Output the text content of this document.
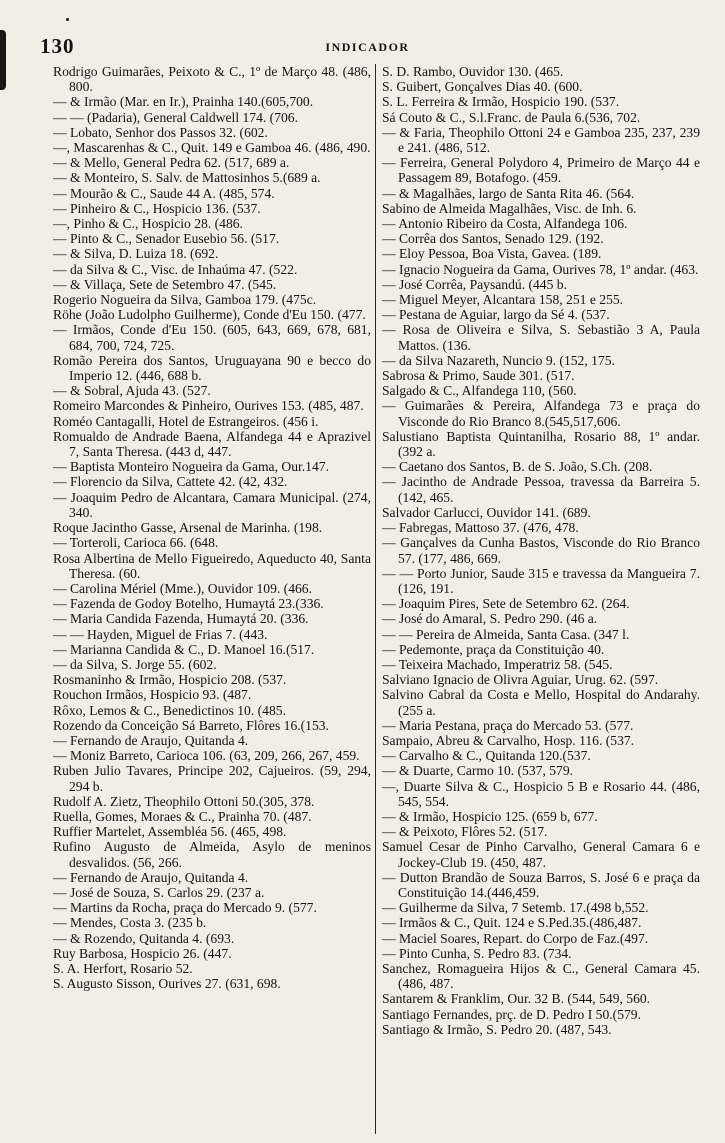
130	INDICADOR
Rodrigo Guimarães, Peixoto & C., 1º de Março 48. (486, 800.
— & Irmão (Mar. en Ir.), Prainha 140.(605,700.
— — (Padaria), General Caldwell 174. (706.
— Lobato, Senhor dos Passos 32. (602.
—, Mascarenhas & C., Quit. 149 e Gamboa 46. (486, 490.
— & Mello, General Pedra 62. (517, 689 a.
— & Monteiro, S. Salv. de Mattosinhos 5.(689 a.
— Mourão & C., Saude 44 A. (485, 574.
— Pinheiro & C., Hospicio 136. (537.
—, Pinho & C., Hospicio 28. (486.
— Pinto & C., Senador Eusebio 56. (517.
— & Silva, D. Luiza 18. (692.
— da Silva & C., Visc. de Inhaúma 47. (522.
— & Villaça, Sete de Setembro 47. (545.
Rogerio Nogueira da Silva, Gamboa 179. (475c.
Röhe (João Ludolpho Guilherme), Conde d'Eu 150. (477.
— Irmãos, Conde d'Eu 150. (605, 643, 669, 678, 681, 684, 700, 724, 725.
Romão Pereira dos Santos, Uruguayana 90 e becco do Imperio 12. (446, 688 b.
— & Sobral, Ajuda 43. (527.
Romeiro Marcondes & Pinheiro, Ourives 153. (485, 487.
Roméo Cantagalli, Hotel de Estrangeiros. (456 i.
Romualdo de Andrade Baena, Alfandega 44 e Aprazivel 7, Santa Theresa. (443 d, 447.
— Baptista Monteiro Nogueira da Gama, Our.147.
— Florencio da Silva, Cattete 42. (42, 432.
— Joaquim Pedro de Alcantara, Camara Municipal. (274, 340.
Roque Jacintho Gasse, Arsenal de Marinha. (198.
— Torteroli, Carioca 66. (648.
Rosa Albertina de Mello Figueiredo, Aqueducto 40, Santa Theresa. (60.
— Carolina Mériel (Mme.), Ouvidor 109. (466.
— Fazenda de Godoy Botelho, Humaytá 23.(336.
— Maria Candida Fazenda, Humaytá 20. (336.
— — Hayden, Miguel de Frias 7. (443.
— Marianna Candida & C., D. Manoel 16.(517.
— da Silva, S. Jorge 55. (602.
Rosmaninho & Irmão, Hospicio 208. (537.
Rouchon Irmãos, Hospicio 93. (487.
Rôxo, Lemos & C., Benedictinos 10. (485.
Rozendo da Conceição Sá Barreto, Flôres 16.(153.
— Fernando de Araujo, Quitanda 4.
— Moniz Barreto, Carioca 106. (63, 209, 266, 267, 459.
Ruben Julio Tavares, Principe 202, Cajueiros. (59, 294, 294 b.
Rudolf A. Zietz, Theophilo Ottoni 50.(305, 378.
Ruella, Gomes, Moraes & C., Prainha 70. (487.
Ruffier Martelet, Assembléa 56. (465, 498.
Rufino Augusto de Almeida, Asylo de meninos desvalidos. (56, 266.
— Fernando de Araujo, Quitanda 4.
— José de Souza, S. Carlos 29. (237 a.
— Martins da Rocha, praça do Mercado 9. (577.
— Mendes, Costa 3. (235 b.
— & Rozendo, Quitanda 4. (693.
Ruy Barbosa, Hospicio 26. (447.
S. A. Herfort, Rosario 52.
S. Augusto Sisson, Ourives 27. (631, 698.
S. D. Rambo, Ouvidor 130. (465.
S. Guibert, Gonçalves Dias 40. (600.
S. L. Ferreira & Irmão, Hospicio 190. (537.
Sá Couto & C., S.l.Franc. de Paula 6.(536, 702.
— & Faria, Theophilo Ottoni 24 e Gamboa 235, 237, 239 e 241. (486, 512.
— Ferreira, General Polydoro 4, Primeiro de Março 44 e Passagem 89, Botafogo. (459.
— & Magalhães, largo de Santa Rita 46. (564.
Sabino de Almeida Magalhães, Visc. de Inh. 6.
— Antonio Ribeiro da Costa, Alfandega 106.
— Corrêa dos Santos, Senado 129. (192.
— Eloy Pessoa, Boa Vista, Gavea. (189.
— Ignacio Nogueira da Gama, Ourives 78, 1º andar. (463.
— José Corrêa, Paysandú. (445 b.
— Miguel Meyer, Alcantara 158, 251 e 255.
— Pestana de Aguiar, largo da Sé 4. (537.
— Rosa de Oliveira e Silva, S. Sebastião 3 A, Paula Mattos. (136.
— da Silva Nazareth, Nuncio 9. (152, 175.
Sabrosa & Primo, Saude 301. (517.
Salgado & C., Alfandega 110, (560.
— Guimarães & Pereira, Alfandega 73 e praça do Visconde do Rio Branco 8.(545,517,606.
Salustiano Baptista Quintanilha, Rosario 88, 1º andar. (392 a.
— Caetano dos Santos, B. de S. João, S.Ch. (208.
— Jacintho de Andrade Pessoa, travessa da Barreira 5. (142, 465.
Salvador Carlucci, Ouvidor 141. (689.
— Fabregas, Mattoso 37. (476, 478.
— Gançalves da Cunha Bastos, Visconde do Rio Branco 57. (177, 486, 669.
— — Porto Junior, Saude 315 e travessa da Mangueira 7. (126, 191.
— Joaquim Pires, Sete de Setembro 62. (264.
— José do Amaral, S. Pedro 290. (46 a.
— — Pereira de Almeida, Santa Casa. (347 l.
— Pedemonte, praça da Constituição 40.
— Teixeira Machado, Imperatriz 58. (545.
Salviano Ignacio de Olivra Aguiar, Urug. 62. (597.
Salvino Cabral da Costa e Mello, Hospital do Andarahy. (255 a.
— Maria Pestana, praça do Mercado 53. (577.
Sampaio, Abreu & Carvalho, Hosp. 116. (537.
— Carvalho & C., Quitanda 120.(537.
— & Duarte, Carmo 10. (537, 579.
—, Duarte Silva & C., Hospicio 5 B e Rosario 44. (486, 545, 554.
— & Irmão, Hospicio 125. (659 b, 677.
— & Peixoto, Flôres 52. (517.
Samuel Cesar de Pinho Carvalho, General Camara 6 e Jockey-Club 19. (450, 487.
— Dutton Brandão de Souza Barros, S. José 6 e praça da Constituição 14.(446,459.
— Guilherme da Silva, 7 Setemb. 17.(498 b,552.
— Irmãos & C., Quit. 124 e S.Ped.35.(486,487.
— Maciel Soares, Repart. do Corpo de Faz.(497.
— Pinto Cunha, S. Pedro 83. (734.
Sanchez, Romagueira Hijos & C., General Camara 45. (486, 487.
Santarem & Franklim, Our. 32 B. (544, 549, 560.
Santiago Fernandes, prç. de D. Pedro I 50.(579.
Santiago & Irmão, S. Pedro 20. (487, 543.
